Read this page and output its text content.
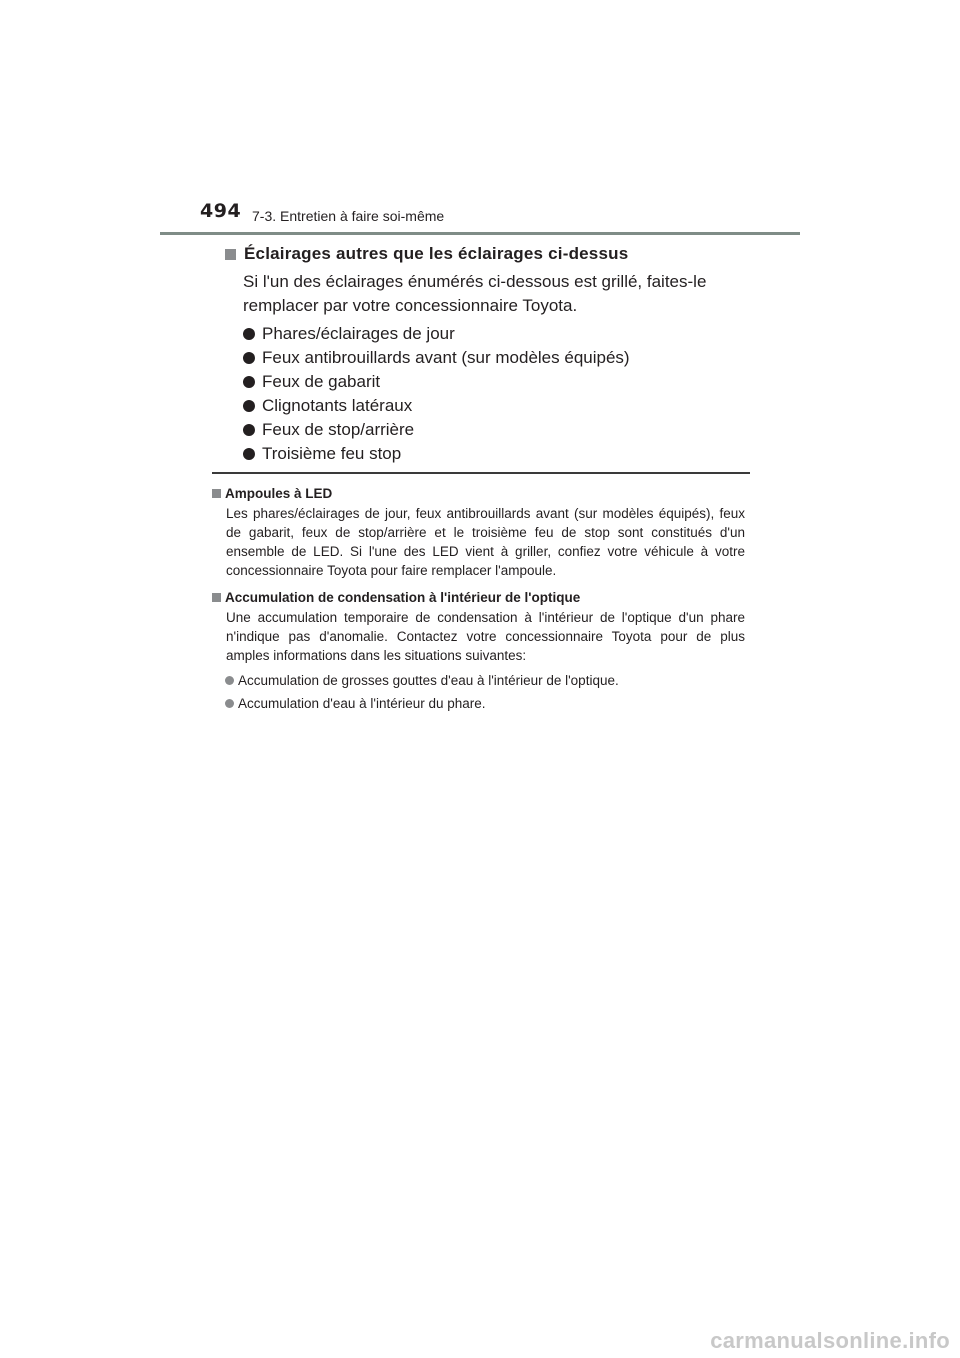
494 7-3. Entretien à faire soi-même
Éclairages autres que les éclairages ci-dessus
Si l'un des éclairages énumérés ci-dessous est grillé, faites-le remplacer par votre concessionnaire Toyota.
Phares/éclairages de jour
Feux antibrouillards avant (sur modèles équipés)
Feux de gabarit
Clignotants latéraux
Feux de stop/arrière
Troisième feu stop
Ampoules à LED
Les phares/éclairages de jour, feux antibrouillards avant (sur modèles équipés), feux de gabarit, feux de stop/arrière et le troisième feu de stop sont constitués d'un ensemble de LED. Si l'une des LED vient à griller, confiez votre véhicule à votre concessionnaire Toyota pour faire remplacer l'ampoule.
Accumulation de condensation à l'intérieur de l'optique
Une accumulation temporaire de condensation à l'intérieur de l'optique d'un phare n'indique pas d'anomalie. Contactez votre concessionnaire Toyota pour de plus amples informations dans les situations suivantes:
Accumulation de grosses gouttes d'eau à l'intérieur de l'optique.
Accumulation d'eau à l'intérieur du phare.
carmanualsonline.info
